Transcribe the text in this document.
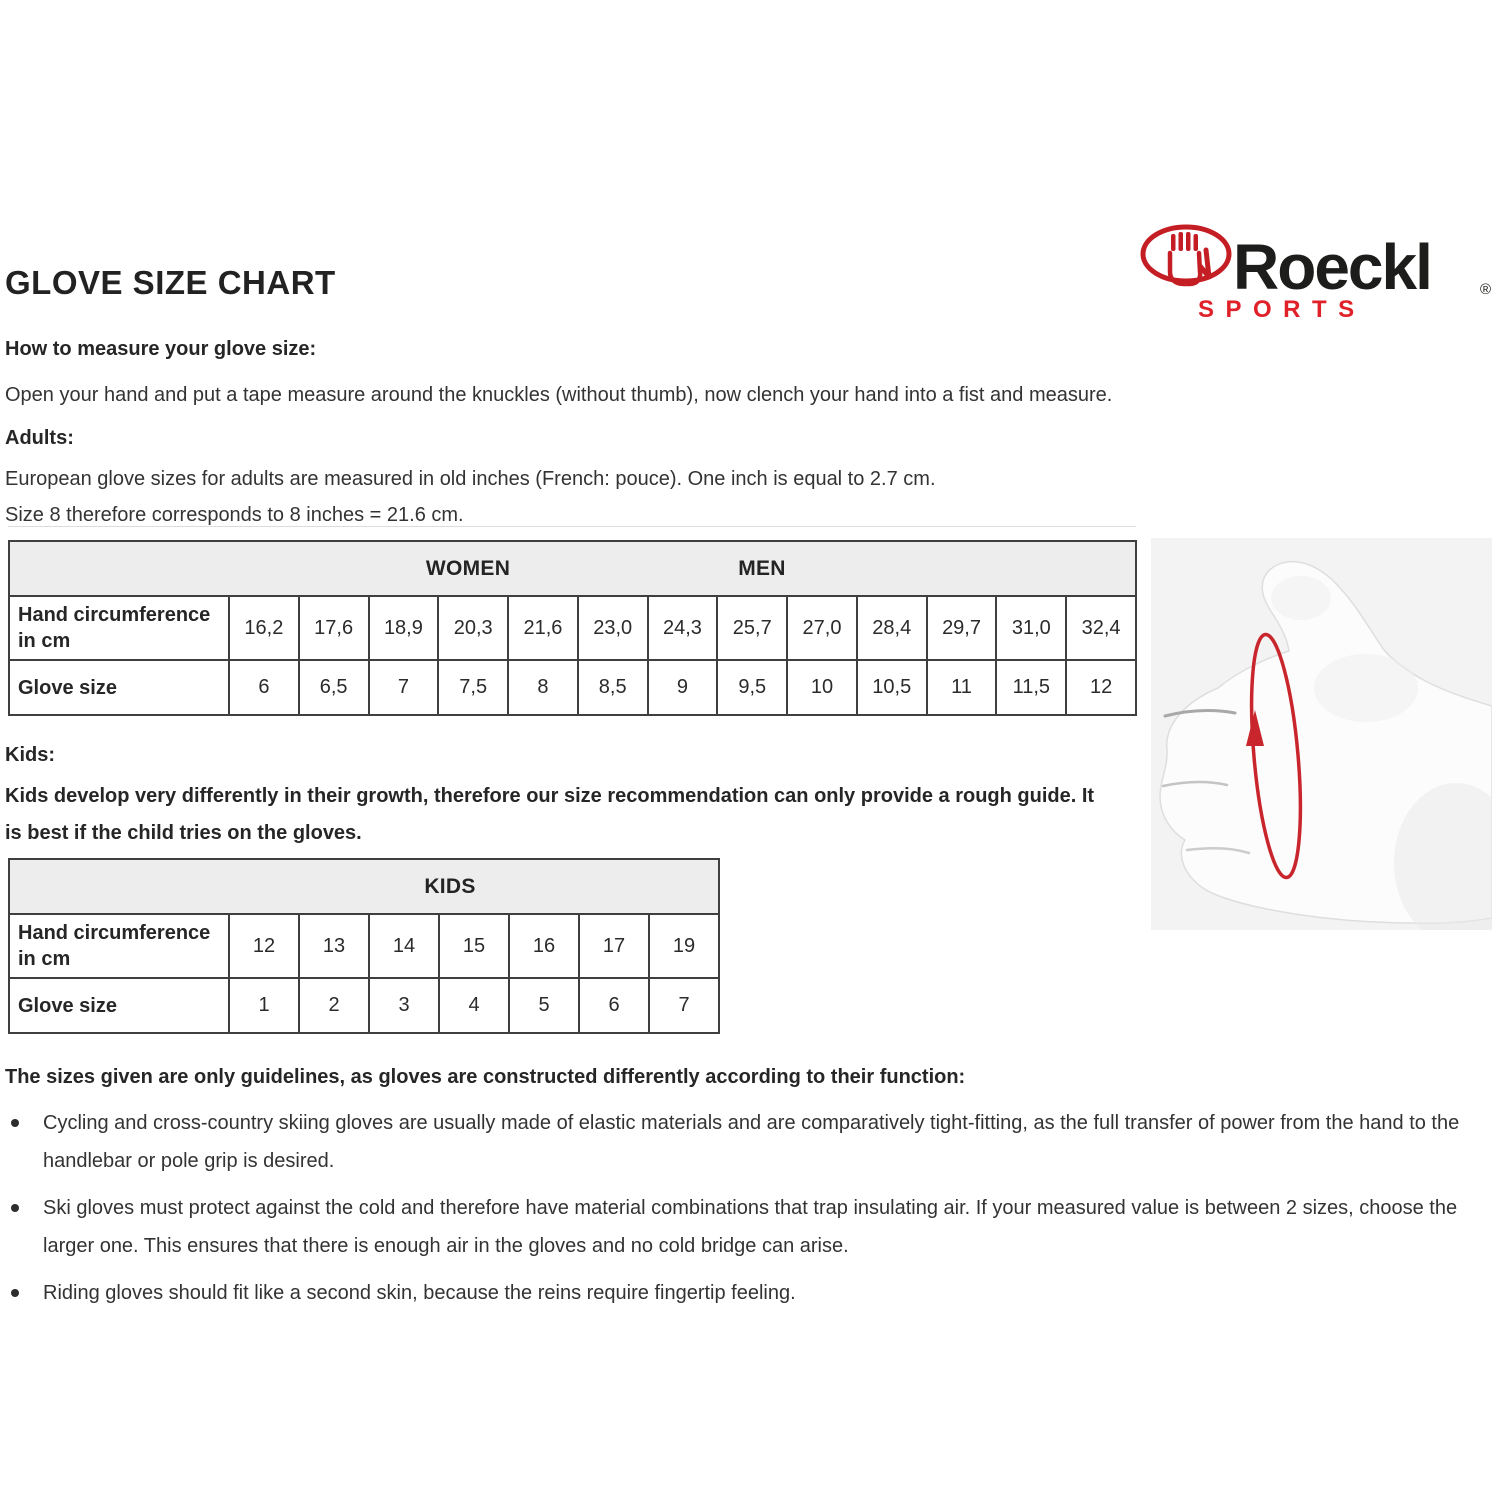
GLOVE SIZE CHART	Roeckl	®
SPORTS
How to measure your glove size:
Open your hand and put a tape measure around the knuckles (without thumb), now clench your hand into a fist and measure.
Adults:
European glove sizes for adults are measured in old inches (French: pouce). One inch is equal to 2.7 cm.
Size 8 therefore corresponds to 8 inches = 21.6 cm.
WOMEN MEN													

Hand circumference in cm	16,2	17,6	18,9	20,3	21,6	23,0	24,3	25,7	27,0	28,4	29,7	31,0	32,4
Glove size	6	6,5	7	7,5	8	8,5	9	9,5	10	10,5	11	11,5	12
Kids:
Kids develop very differently in their growth, therefore our size recommendation can only provide a rough guide. It is best if the child tries on the gloves.
KIDS							

Hand circumference in cm	12	13	14	15	16	17	19
Glove size	1	2	3	4	5	6	7
The sizes given are only guidelines, as gloves are constructed differently according to their function:
Cycling and cross-country skiing gloves are usually made of elastic materials and are comparatively tight-fitting, as the full transfer of power from the hand to the handlebar or pole grip is desired.
Ski gloves must protect against the cold and therefore have material combinations that trap insulating air. If your measured value is between 2 sizes, choose the larger one. This ensures that there is enough air in the gloves and no cold bridge can arise.
Riding gloves should fit like a second skin, because the reins require fingertip feeling.
